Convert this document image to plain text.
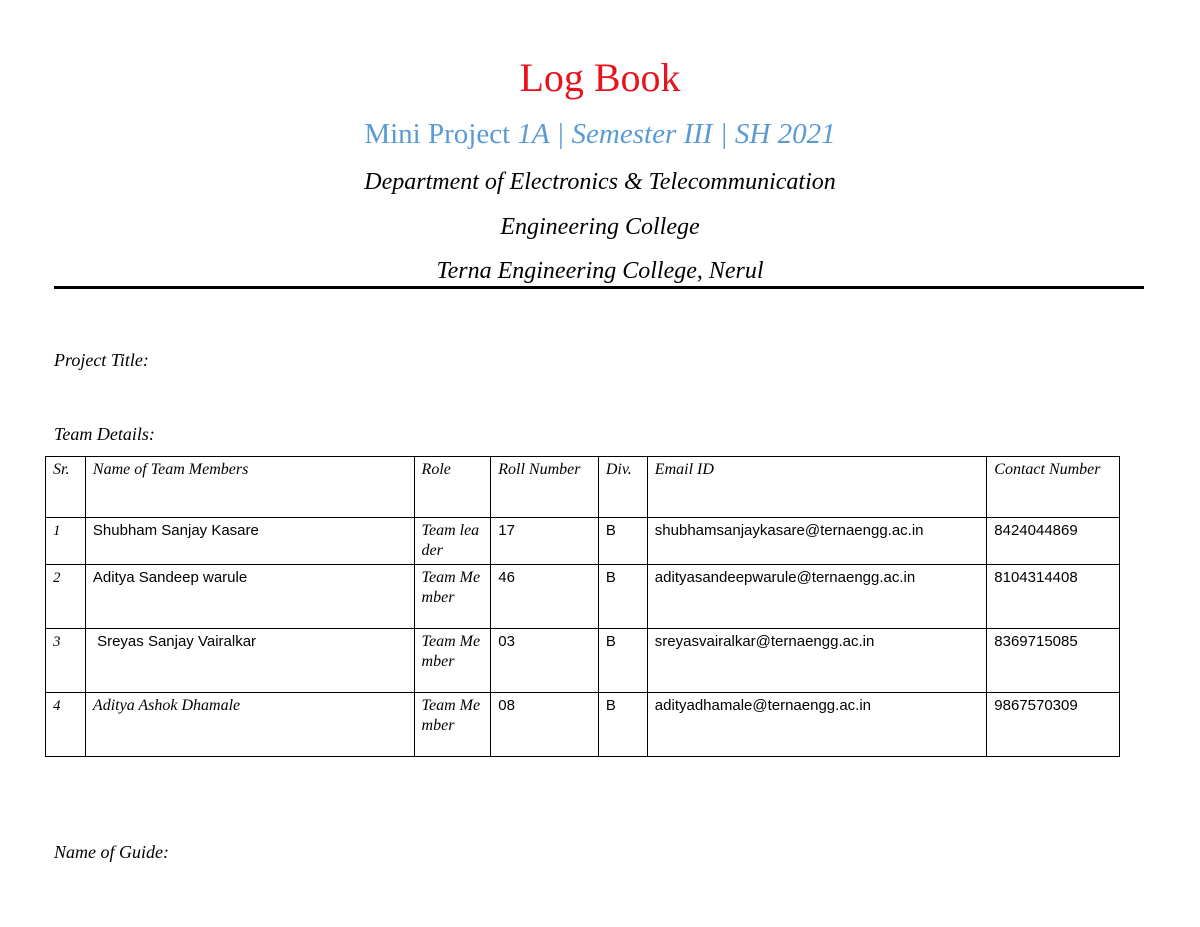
Log Book
Mini Project 1A | Semester III | SH 2021
Department of Electronics & Telecommunication
Engineering College
Terna Engineering College, Nerul
Project Title:
Team Details:
Sr.	Name of Team Members	Role	Roll Number	Div.	Email ID	Contact Number
1	Shubham Sanjay Kasare	Team leader	17	B	shubhamsanjaykasare@ternaengg.ac.in	8424044869
2	Aditya Sandeep warule	Team Member	46	B	adityasandeepwarule@ternaengg.ac.in	8104314408
3	Sreyas Sanjay Vairalkar	Team Member	03	B	sreyasvairalkar@ternaengg.ac.in	8369715085
4	Aditya Ashok Dhamale	Team Member	08	B	adityadhamale@ternaengg.ac.in	9867570309
Name of Guide:
